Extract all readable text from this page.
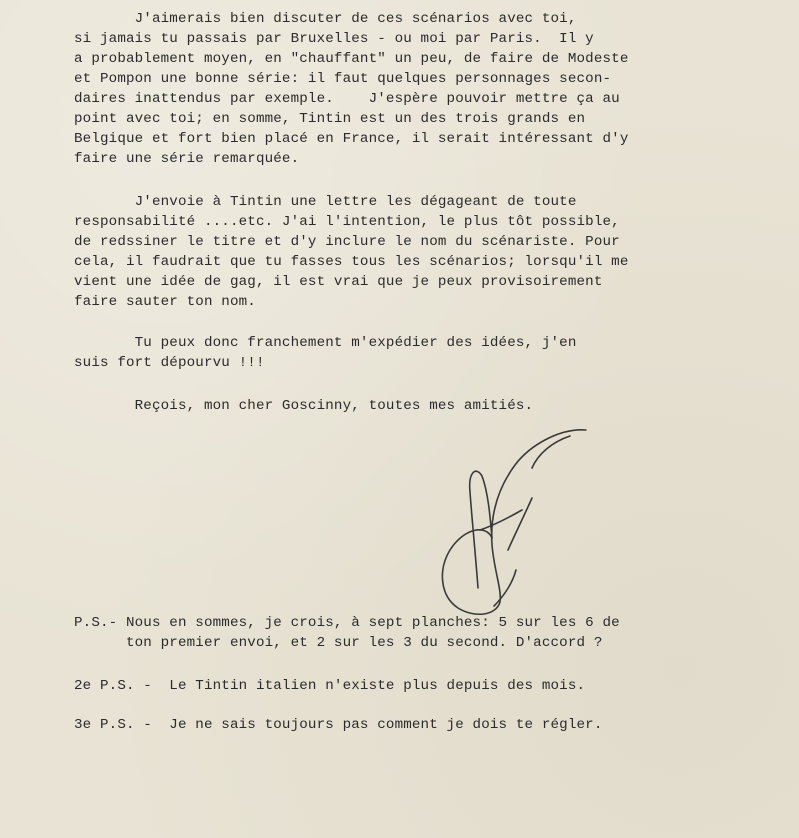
J'aimerais bien discuter de ces scénarios avec toi,
si jamais tu passais par Bruxelles - ou moi par Paris.  Il y
a probablement moyen, en "chauffant" un peu, de faire de Modeste
et Pompon une bonne série: il faut quelques personnages secon-
daires inattendus par exemple.    J'espère pouvoir mettre ça au
point avec toi; en somme, Tintin est un des trois grands en
Belgique et fort bien placé en France, il serait intéressant d'y
faire une série remarquée.
J'envoie à Tintin une lettre les dégageant de toute
responsabilité ....etc. J'ai l'intention, le plus tôt possible,
de redssiner le titre et d'y inclure le nom du scénariste. Pour
cela, il faudrait que tu fasses tous les scénarios; lorsqu'il me
vient une idée de gag, il est vrai que je peux provisoirement
faire sauter ton nom.
Tu peux donc franchement m'expédier des idées, j'en
suis fort dépourvu !!!
Reçois, mon cher Goscinny, toutes mes amitiés.
P.S.- Nous en sommes, je crois, à sept planches: 5 sur les 6 de
ton premier envoi, et 2 sur les 3 du second. D'accord ?
2e P.S. -  Le Tintin italien n'existe plus depuis des mois.
3e P.S. -  Je ne sais toujours pas comment je dois te régler.
